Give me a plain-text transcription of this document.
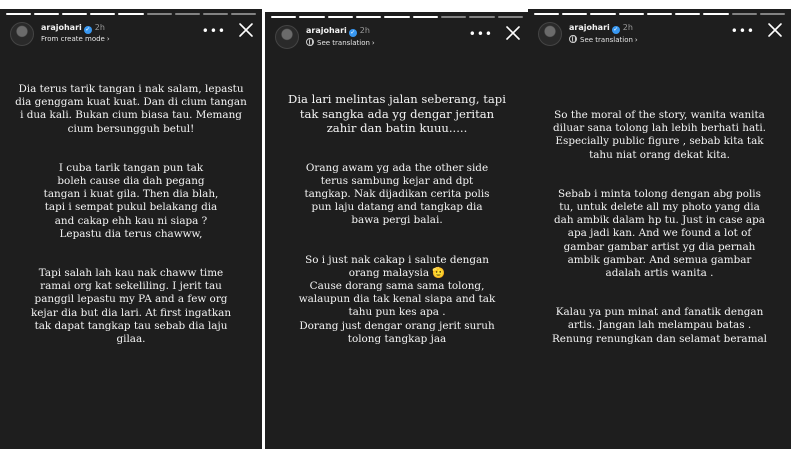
arajohari ✓ 2h
From create mode ›
•••

Dia terus tarik tangan i nak salam, lepastu
dia genggam kuat kuat. Dan di cium tangan
i dua kali. Bukan cium biasa tau. Memang
cium bersungguh betul!

I cuba tarik tangan pun tak
boleh cause dia dah pegang
tangan i kuat gila. Then dia blah,
tapi i sempat pukul belakang dia
and cakap ehh kau ni siapa ?
Lepastu dia terus chawww,

Tapi salah lah kau nak chaww time
ramai org kat sekeliling. I jerit tau
panggil lepastu my PA and a few org
kejar dia but dia lari. At first ingatkan
tak dapat tangkap tau sebab dia laju
gilaa.

arajohari ✓ 2h
See translation ›
•••

Dia lari melintas jalan seberang, tapi
tak sangka ada yg dengar jeritan
zahir dan batin kuuu.....

Orang awam yg ada the other side
terus sambung kejar and dpt
tangkap. Nak dijadikan cerita polis
pun laju datang and tangkap dia
bawa pergi balai.

So i just nak cakap i salute dengan
orang malaysia 🫡
Cause dorang sama sama tolong,
walaupun dia tak kenal siapa and tak
tahu pun kes apa .
Dorang just dengar orang jerit suruh
tolong tangkap jaa

arajohari ✓ 2h
See translation ›
•••

So the moral of the story, wanita wanita
diluar sana tolong lah lebih berhati hati.
Especially public figure , sebab kita tak
tahu niat orang dekat kita.

Sebab i minta tolong dengan abg polis
tu, untuk delete all my photo yang dia
dah ambik dalam hp tu. Just in case apa
apa jadi kan. And we found a lot of
gambar gambar artist yg dia pernah
ambik gambar. And semua gambar
adalah artis wanita .

Kalau ya pun minat and fanatik dengan
artis. Jangan lah melampau batas .
Renung renungkan dan selamat beramal
